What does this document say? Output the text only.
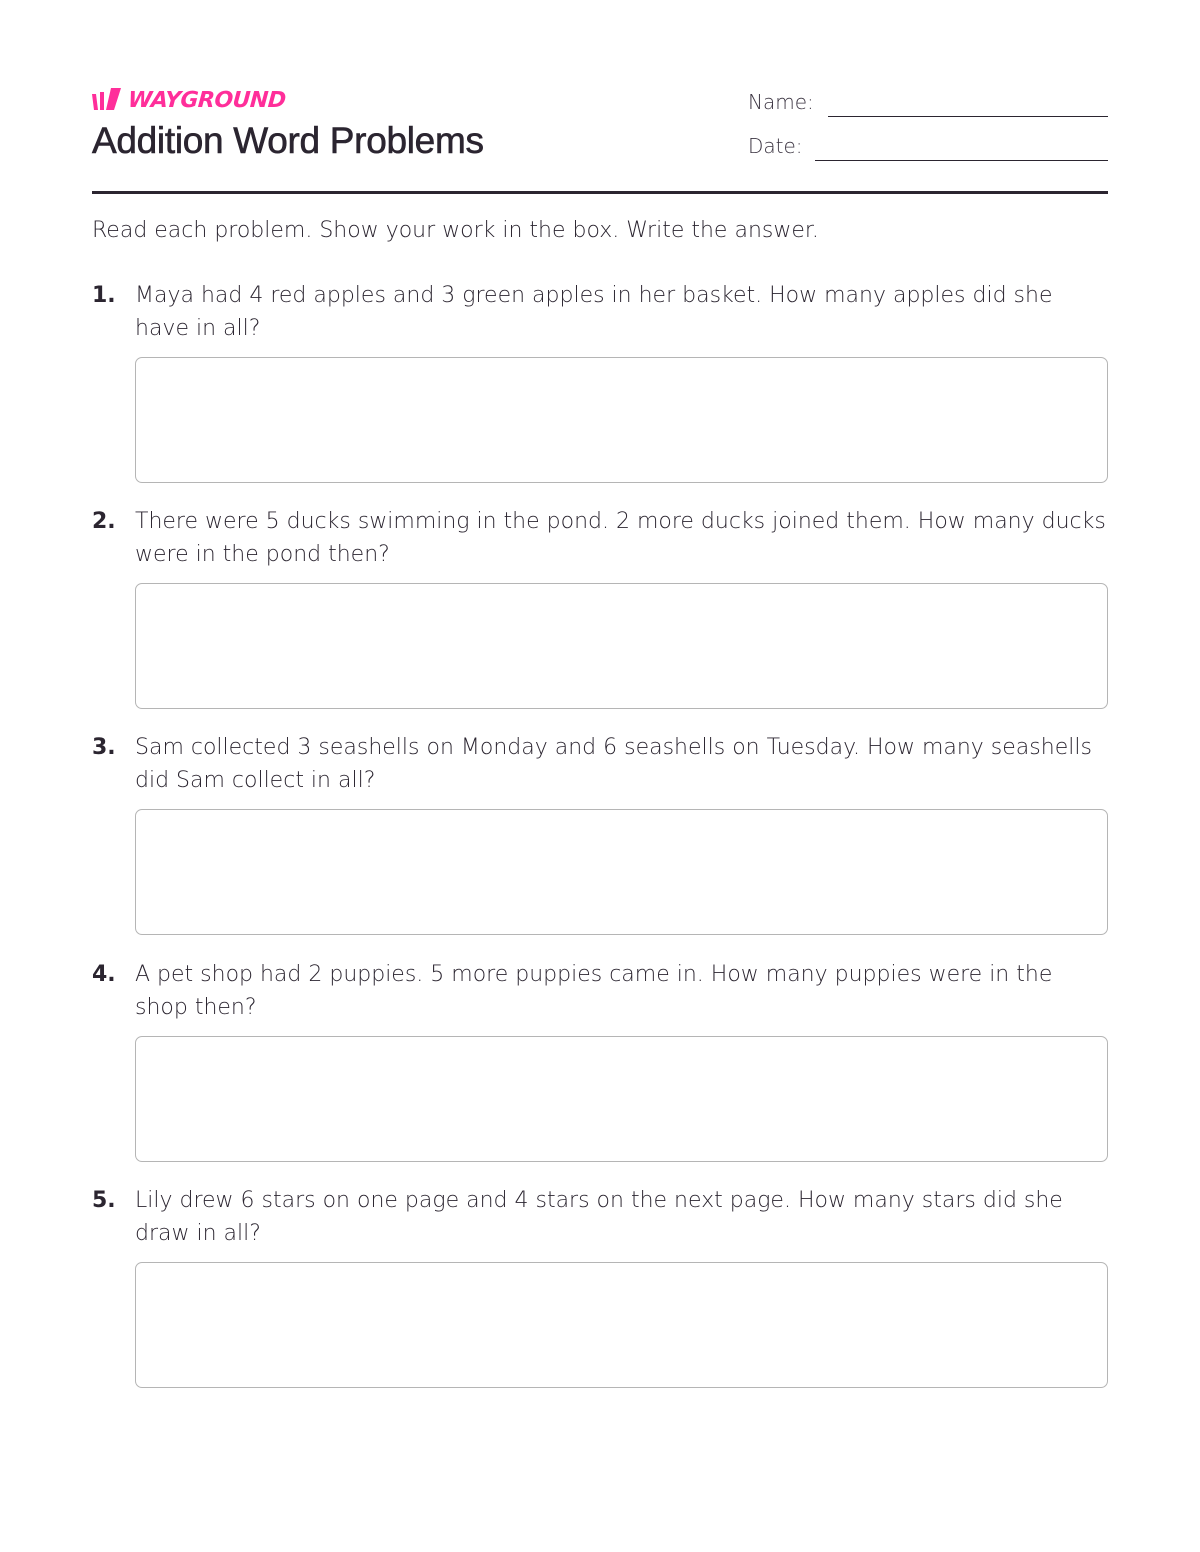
WAYGROUND
Addition Word Problems
Name:
Date:

Read each problem. Show your work in the box. Write the answer.

1. Maya had 4 red apples and 3 green apples in her basket. How many apples did she have in all?

2. There were 5 ducks swimming in the pond. 2 more ducks joined them. How many ducks were in the pond then?

3. Sam collected 3 seashells on Monday and 6 seashells on Tuesday. How many seashells did Sam collect in all?

4. A pet shop had 2 puppies. 5 more puppies came in. How many puppies were in the shop then?

5. Lily drew 6 stars on one page and 4 stars on the next page. How many stars did she draw in all?
